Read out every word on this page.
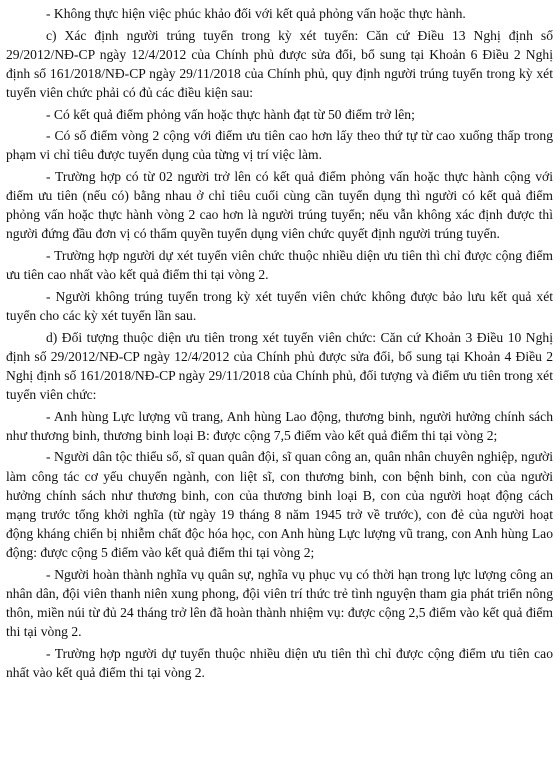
- Không thực hiện việc phúc khảo đối với kết quả phỏng vấn hoặc thực hành.

c) Xác định người trúng tuyển trong kỳ xét tuyển: Căn cứ Điều 13 Nghị định số 29/2012/NĐ-CP ngày 12/4/2012 của Chính phủ được sửa đổi, bổ sung tại Khoản 6 Điều 2 Nghị định số 161/2018/NĐ-CP ngày 29/11/2018 của Chính phủ, quy định người trúng tuyển trong kỳ xét tuyển viên chức phải có đủ các điều kiện sau:

- Có kết quả điểm phỏng vấn hoặc thực hành đạt từ 50 điểm trở lên;

- Có số điểm vòng 2 cộng với điểm ưu tiên cao hơn lấy theo thứ tự từ cao xuống thấp trong phạm vi chỉ tiêu được tuyển dụng của từng vị trí việc làm.

- Trường hợp có từ 02 người trở lên có kết quả điểm phỏng vấn hoặc thực hành cộng với điểm ưu tiên (nếu có) bằng nhau ở chỉ tiêu cuối cùng cần tuyển dụng thì người có kết quả điểm phỏng vấn hoặc thực hành vòng 2 cao hơn là người trúng tuyển; nếu vẫn không xác định được thì người đứng đầu đơn vị có thẩm quyền tuyển dụng viên chức quyết định người trúng tuyển.

- Trường hợp người dự xét tuyển viên chức thuộc nhiều diện ưu tiên thì chỉ được cộng điểm ưu tiên cao nhất vào kết quả điểm thi tại vòng 2.

- Người không trúng tuyển trong kỳ xét tuyển viên chức không được bảo lưu kết quả xét tuyển cho các kỳ xét tuyển lần sau.

d) Đối tượng thuộc diện ưu tiên trong xét tuyển viên chức: Căn cứ Khoản 3 Điều 10 Nghị định số 29/2012/NĐ-CP ngày 12/4/2012 của Chính phủ được sửa đổi, bổ sung tại Khoản 4 Điều 2 Nghị định số 161/2018/NĐ-CP ngày 29/11/2018 của Chính phủ, đối tượng và điểm ưu tiên trong xét tuyển viên chức:

- Anh hùng Lực lượng vũ trang, Anh hùng Lao động, thương binh, người hưởng chính sách như thương binh, thương binh loại B: được cộng 7,5 điểm vào kết quả điểm thi tại vòng 2;

- Người dân tộc thiểu số, sĩ quan quân đội, sĩ quan công an, quân nhân chuyên nghiệp, người làm công tác cơ yếu chuyển ngành, con liệt sĩ, con thương binh, con bệnh binh, con của người hưởng chính sách như thương binh, con của thương binh loại B, con của người hoạt động cách mạng trước tổng khởi nghĩa (từ ngày 19 tháng 8 năm 1945 trở về trước), con đẻ của người hoạt động kháng chiến bị nhiễm chất độc hóa học, con Anh hùng Lực lượng vũ trang, con Anh hùng Lao động: được cộng 5 điểm vào kết quả điểm thi tại vòng 2;

- Người hoàn thành nghĩa vụ quân sự, nghĩa vụ phục vụ có thời hạn trong lực lượng công an nhân dân, đội viên thanh niên xung phong, đội viên trí thức trẻ tình nguyện tham gia phát triển nông thôn, miền núi từ đủ 24 tháng trở lên đã hoàn thành nhiệm vụ: được cộng 2,5 điểm vào kết quả điểm thi tại vòng 2.

- Trường hợp người dự tuyển thuộc nhiều diện ưu tiên thì chỉ được cộng điểm ưu tiên cao nhất vào kết quả điểm thi tại vòng 2.
